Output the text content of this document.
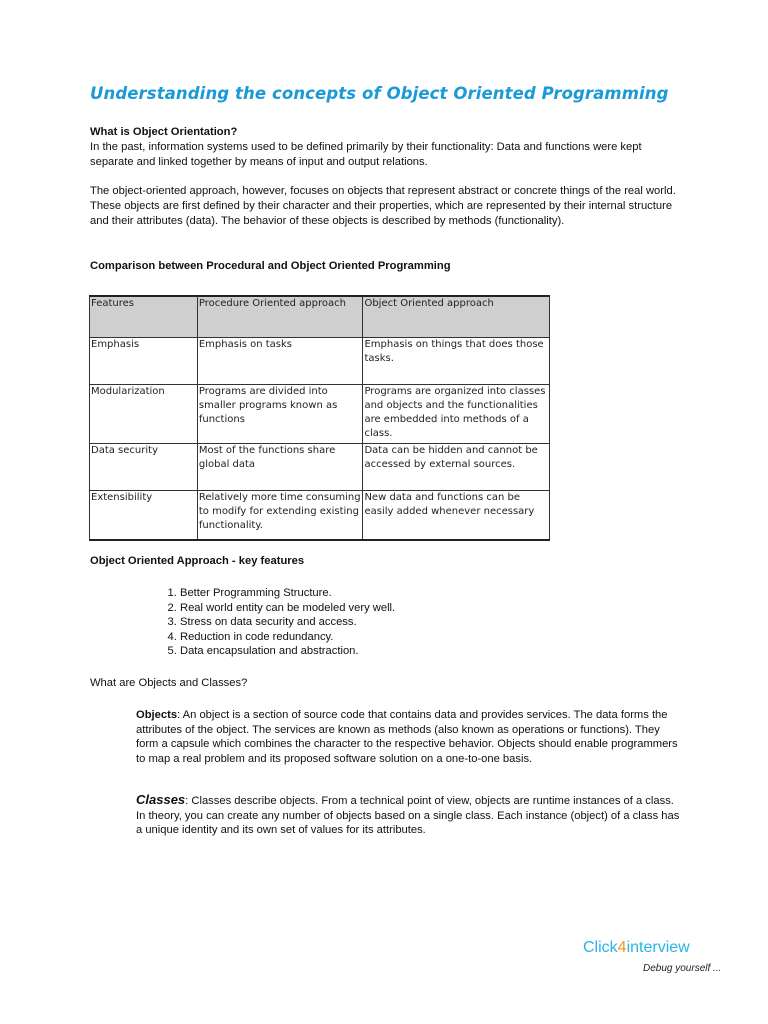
Understanding the concepts of Object Oriented Programming
What is Object Orientation?
In the past, information systems used to be defined primarily by their functionality: Data and functions were kept separate and linked together by means of input and output relations.
The object-oriented approach, however, focuses on objects that represent abstract or concrete things of the real world. These objects are first defined by their character and their properties, which are represented by their internal structure and their attributes (data). The behavior of these objects is described by methods (functionality).
Comparison between Procedural and Object Oriented Programming
Features	Procedure Oriented approach	Object Oriented approach
Emphasis	Emphasis on tasks	Emphasis on things that does those tasks.
Modularization	Programs are divided into smaller programs known as functions	Programs are organized into classes and objects and the functionalities are embedded into methods of a class.
Data security	Most of the functions share global data	Data can be hidden and cannot be accessed by external sources.
Extensibility	Relatively more time consuming to modify for extending existing functionality.	New data and functions can be easily added whenever necessary
Object Oriented Approach - key features
1. Better Programming Structure.
2. Real world entity can be modeled very well.
3. Stress on data security and access.
4. Reduction in code redundancy.
5. Data encapsulation and abstraction.
What are Objects and Classes?
Objects: An object is a section of source code that contains data and provides services. The data forms the attributes of the object. The services are known as methods (also known as operations or functions). They form a capsule which combines the character to the respective behavior. Objects should enable programmers to map a real problem and its proposed software solution on a one-to-one basis.
Classes: Classes describe objects. From a technical point of view, objects are runtime instances of a class. In theory, you can create any number of objects based on a single class. Each instance (object) of a class has a unique identity and its own set of values for its attributes.
Click4interview
Debug yourself ...
